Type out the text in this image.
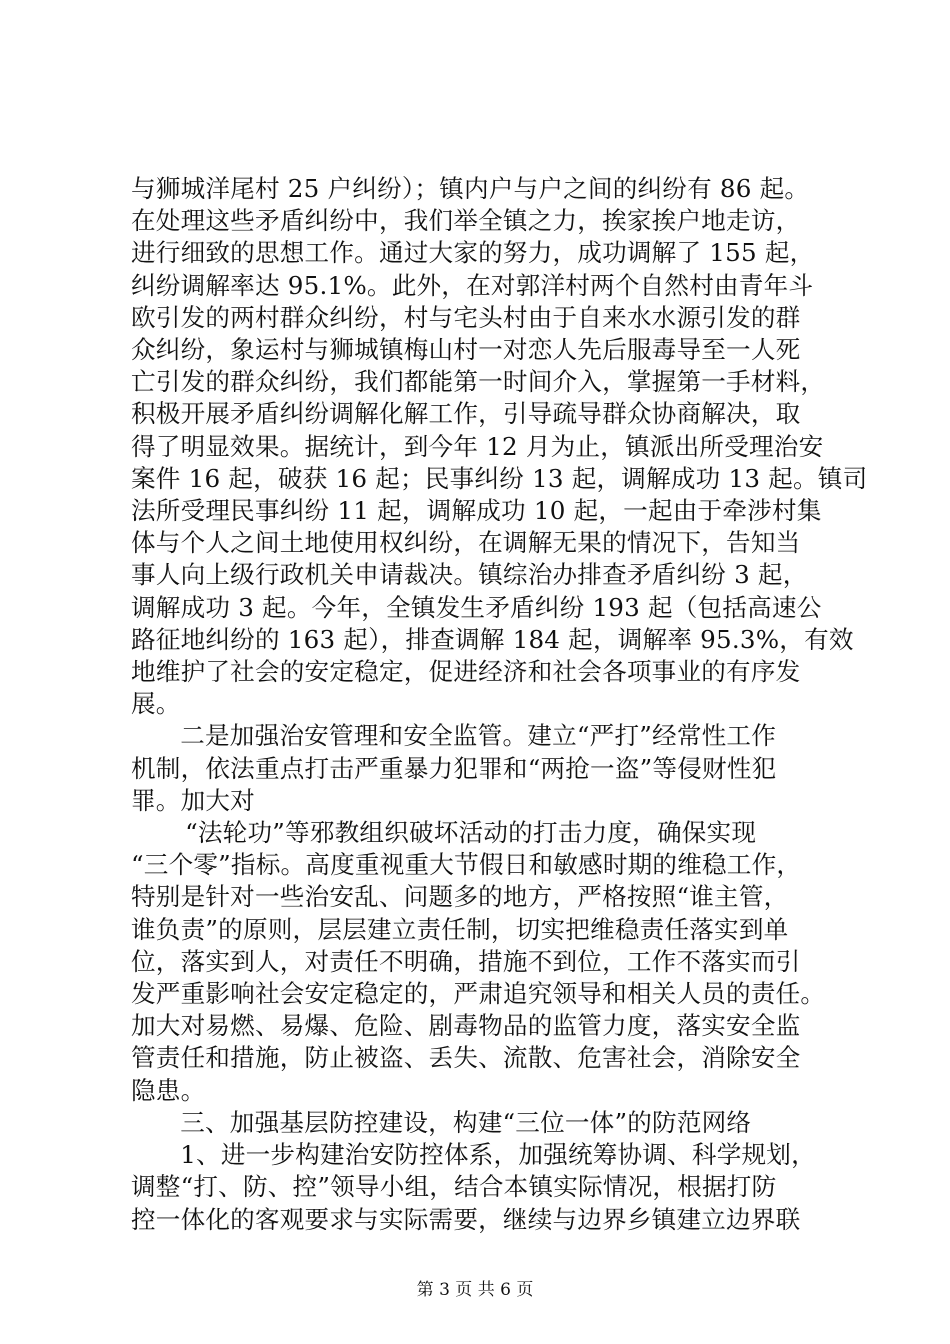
与狮城洋尾村 25 户纠纷）；镇内户与户之间的纠纷有 86 起。
在处理这些矛盾纠纷中，我们举全镇之力，挨家挨户地走访，
进行细致的思想工作。通过大家的努力，成功调解了 155 起，
纠纷调解率达 95.1%。此外，在对郭洋村两个自然村由青年斗
欧引发的两村群众纠纷，村与宅头村由于自来水水源引发的群
众纠纷，象运村与狮城镇梅山村一对恋人先后服毒导至一人死
亡引发的群众纠纷，我们都能第一时间介入，掌握第一手材料，
积极开展矛盾纠纷调解化解工作，引导疏导群众协商解决，取
得了明显效果。据统计，到今年 12 月为止，镇派出所受理治安
案件 16 起，破获 16 起；民事纠纷 13 起，调解成功 13 起。镇司
法所受理民事纠纷 11 起，调解成功 10 起，一起由于牵涉村集
体与个人之间土地使用权纠纷，在调解无果的情况下，告知当
事人向上级行政机关申请裁决。镇综治办排查矛盾纠纷 3 起，
调解成功 3 起。今年，全镇发生矛盾纠纷 193 起（包括高速公
路征地纠纷的 163 起），排查调解 184 起，调解率 95.3%，有效
地维护了社会的安定稳定，促进经济和社会各项事业的有序发
展。
二是加强治安管理和安全监管。建立“严打”经常性工作
机制，依法重点打击严重暴力犯罪和“两抢一盗”等侵财性犯
罪。加大对
“法轮功”等邪教组织破坏活动的打击力度，确保实现
“三个零”指标。高度重视重大节假日和敏感时期的维稳工作，
特别是针对一些治安乱、问题多的地方，严格按照“谁主管，
谁负责”的原则，层层建立责任制，切实把维稳责任落实到单
位，落实到人，对责任不明确，措施不到位，工作不落实而引
发严重影响社会安定稳定的，严肃追究领导和相关人员的责任。
加大对易燃、易爆、危险、剧毒物品的监管力度，落实安全监
管责任和措施，防止被盗、丢失、流散、危害社会，消除安全
隐患。
三、加强基层防控建设，构建“三位一体”的防范网络
1、进一步构建治安防控体系，加强统筹协调、科学规划，
调整“打、防、控”领导小组，结合本镇实际情况，根据打防
控一体化的客观要求与实际需要，继续与边界乡镇建立边界联
第 3 页 共 6 页
